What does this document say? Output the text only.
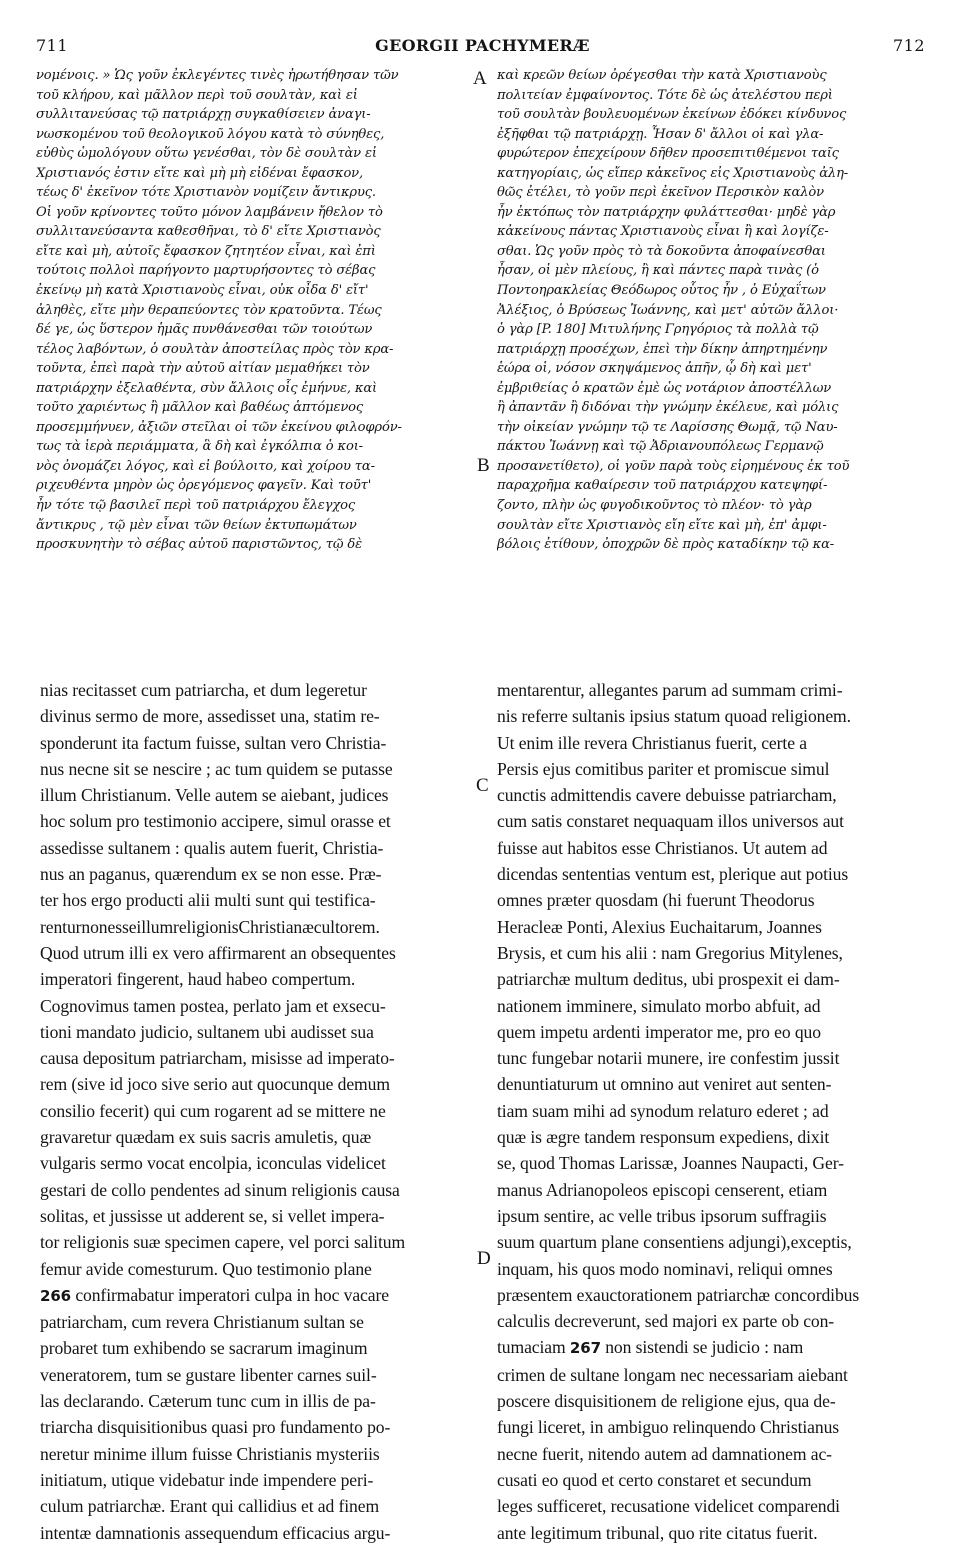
711	GEORGII PACHYMERÆ	712
νομένοις. » Ὡς γοῦν ἐκλεγέντες τινὲς ἠρωτήθησαν τῶν
τοῦ κλήρου, καὶ μᾶλλον περὶ τοῦ σουλτὰν, καὶ εἰ
συλλιτανεύσας τῷ πατριάρχῃ συγκαθίσειεν ἀναγι-
νωσκομένου τοῦ θεολογικοῦ λόγου κατὰ τὸ σύνηθες,
εὐθὺς ὡμολόγουν οὕτω γενέσθαι, τὸν δὲ σουλτὰν εἰ
Χριστιανός ἐστιν εἴτε καὶ μὴ μὴ εἰδέναι ἔφασκον,
τέως δ' ἐκεῖνον τότε Χριστιανὸν νομίζειν ἄντικρυς.
Οἱ γοῦν κρίνοντες τοῦτο μόνον λαμβάνειν ἤθελον τὸ
συλλιτανεύσαντα καθεσθῆναι, τὸ δ' εἴτε Χριστιανὸς
εἴτε καὶ μὴ, αὐτοῖς ἔφασκον ζητητέον εἶναι, καὶ ἐπὶ
τούτοις πολλοὶ παρήγοντο μαρτυρήσοντες τὸ σέβας
ἐκείνῳ μὴ κατὰ Χριστιανοὺς εἶναι, οὐκ οἶδα δ' εἴτ'
ἀληθὲς, εἴτε μὴν θεραπεύοντες τὸν κρατοῦντα. Τέως
δέ γε, ὡς ὕστερον ἡμᾶς πυνθάνεσθαι τῶν τοιούτων
τέλος λαβόντων, ὁ σουλτὰν ἀποστείλας πρὸς τὸν κρα-
τοῦντα, ἐπεὶ παρὰ τὴν αὐτοῦ αἰτίαν μεμαθήκει τὸν
πατριάρχην ἐξελαθέντα, σὺν ἄλλοις οἷς ἐμήνυε, καὶ
τοῦτο χαριέντως ἢ μᾶλλον καὶ βαθέως ἁπτόμενος
προσεμμήνυεν, ἀξιῶν στεῖλαι οἱ τῶν ἐκείνου φιλοφρόν-
τως τὰ ἱερὰ περιάμματα, ἃ δὴ καὶ ἐγκόλπια ὁ κοι-
νὸς ὀνομάζει λόγος, καὶ εἰ βούλοιτο, καὶ χοίρου τα-
ριχευθέντα μηρὸν ὡς ὀρεγόμενος φαγεῖν. Καὶ τοῦτ'
ἦν τότε τῷ βασιλεῖ περὶ τοῦ πατριάρχου ἔλεγχος
ἄντικρυς , τῷ μὲν εἶναι τῶν θείων ἐκτυπωμάτων
προσκυνητὴν τὸ σέβας αὐτοῦ παριστῶντος, τῷ δὲ
καὶ κρεῶν θείων ὀρέγεσθαι τὴν κατὰ Χριστιανοὺς
πολιτείαν ἐμφαίνοντος. Τότε δὲ ὡς ἀτελέστου περὶ
τοῦ σουλτὰν βουλευομένων ἐκείνων ἐδόκει κίνδυνος
ἐξῆφθαι τῷ πατριάρχῃ. Ἦσαν δ' ἄλλοι οἱ καὶ γλα-
φυρώτερον ἐπεχείρουν δῆθεν προσεπιτιθέμενοι ταῖς
κατηγορίαις, ὡς εἴπερ κἀκεῖνος εἰς Χριστιανοὺς ἀλη-
θῶς ἐτέλει, τὸ γοῦν περὶ ἐκεῖνον Περσικὸν καλὸν
ἦν ἐκτόπως τὸν πατριάρχην φυλάττεσθαι· μηδὲ γὰρ
κἀκείνους πάντας Χριστιανοὺς εἶναι ἢ καὶ λογίζε-
σθαι. Ὡς γοῦν πρὸς τὸ τὰ δοκοῦντα ἀποφαίνεσθαι
ἦσαν, οἱ μὲν πλείους, ἢ καὶ πάντες παρὰ τινὰς (ὁ
Ποντοηρακλείας Θεόδωρος οὗτος ἦν , ὁ Εὐχαΐτων
Ἀλέξιος, ὁ Βρύσεως Ἰωάννης, καὶ μετ' αὐτῶν ἄλλοι·
ὁ γὰρ [P. 180] Μιτυλήνης Γρηγόριος τὰ πολλὰ τῷ
πατριάρχῃ προσέχων, ἐπεὶ τὴν δίκην ἀπηρτημένην
ἑώρα οἱ, νόσον σκηψάμενος ἀπῆν, ᾧ δὴ καὶ μετ'
ἐμβριθείας ὁ κρατῶν ἐμὲ ὡς νοτάριον ἀποστέλλων
ἢ ἀπαντᾶν ἢ διδόναι τὴν γνώμην ἐκέλευε, καὶ μόλις
τὴν οἰκείαν γνώμην τῷ τε Λαρίσσης Θωμᾷ, τῷ Ναυ-
πάκτου Ἰωάννῃ καὶ τῷ Ἀδριανουπόλεως Γερμανῷ
προσανετίθετο), οἱ γοῦν παρὰ τοὺς εἰρημένους ἐκ τοῦ
παραχρῆμα καθαίρεσιν τοῦ πατριάρχου κατεψηφί-
ζοντο, πλὴν ὡς φυγοδικοῦντος τὸ πλέον· τὸ γὰρ
σουλτὰν εἴτε Χριστιανὸς εἴη εἴτε καὶ μὴ, ἐπ' ἀμφι-
βόλοις ἐτίθουν, ὀποχρῶν δὲ πρὸς καταδίκην τῷ κα-
nias recitasset cum patriarcha, et dum legeretur
divinus sermo de more, assedisset una, statim re-
sponderunt ita factum fuisse, sultan vero Christia-
nus necne sit se nescire ; ac tum quidem se putasse
illum Christianum. Velle autem se aiebant, judices
hoc solum pro testimonio accipere, simul orasse et
assedisse sultanem : qualis autem fuerit, Christia-
nus an paganus, quærendum ex se non esse. Præ-
ter hos ergo producti alii multi sunt qui testifica-
renturnonesseillumreligionisChristianæcultorem.
Quod utrum illi ex vero affirmarent an obsequentes
imperatori fingerent, haud habeo compertum.
Cognovimus tamen postea, perlato jam et exsecu-
tioni mandato judicio, sultanem ubi audisset sua
causa depositum patriarcham, misisse ad imperato-
rem (sive id joco sive serio aut quocunque demum
consilio fecerit) qui cum rogarent ad se mittere ne
gravaretur quædam ex suis sacris amuletis, quæ
vulgaris sermo vocat encolpia, iconculas videlicet
gestari de collo pendentes ad sinum religionis causa
solitas, et jussisse ut adderent se, si vellet impera-
tor religionis suæ specimen capere, vel porci salitum
femur avide comesturum. Quo testimonio plane
266 confirmabatur imperatori culpa in hoc vacare
patriarcham, cum revera Christianum sultan se
probaret tum exhibendo se sacrarum imaginum
veneratorem, tum se gustare libenter carnes suil-
las declarando. Cæterum tunc cum in illis de pa-
triarcha disquisitionibus quasi pro fundamento po-
neretur minime illum fuisse Christianis mysteriis
initiatum, utique videbatur inde impendere peri-
culum patriarchæ. Erant qui callidius et ad finem
intentæ damnationis assequendum efficacius argu-
mentarentur, allegantes parum ad summam crimi-
nis referre sultanis ipsius statum quoad religionem.
Ut enim ille revera Christianus fuerit, certe a
Persis ejus comitibus pariter et promiscue simul
cunctis admittendis cavere debuisse patriarcham,
cum satis constaret nequaquam illos universos aut
fuisse aut habitos esse Christianos. Ut autem ad
dicendas sententias ventum est, plerique aut potius
omnes præter quosdam (hi fuerunt Theodorus
Heracleæ Ponti, Alexius Euchaitarum, Joannes
Brysis, et cum his alii : nam Gregorius Mitylenes,
patriarchæ multum deditus, ubi prospexit ei dam-
nationem imminere, simulato morbo abfuit, ad
quem impetu ardenti imperator me, pro eo quo
tunc fungebar notarii munere, ire confestim jussit
denuntiaturum ut omnino aut veniret aut senten-
tiam suam mihi ad synodum relaturo ederet ; ad
quæ is ægre tandem responsum expediens, dixit
se, quod Thomas Larissæ, Joannes Naupacti, Ger-
manus Adrianopoleos episcopi censerent, etiam
ipsum sentire, ac velle tribus ipsorum suffragiis
suum quartum plane consentiens adjungi),exceptis,
inquam, his quos modo nominavi, reliqui omnes
præsentem exauctorationem patriarchæ concordibus
calculis decreverunt, sed majori ex parte ob con-
tumaciam 267 non sistendi se judicio : nam
crimen de sultane longam nec necessariam aiebant
poscere disquisitionem de religione ejus, qua de-
fungi liceret, in ambiguo relinquendo Christianus
necne fuerit, nitendo autem ad damnationem ac-
cusati eo quod et certo constaret et secundum
leges sufficeret, recusatione videlicet comparendi
ante legitimum tribunal, quo rite citatus fuerit.
A
B
C
D
